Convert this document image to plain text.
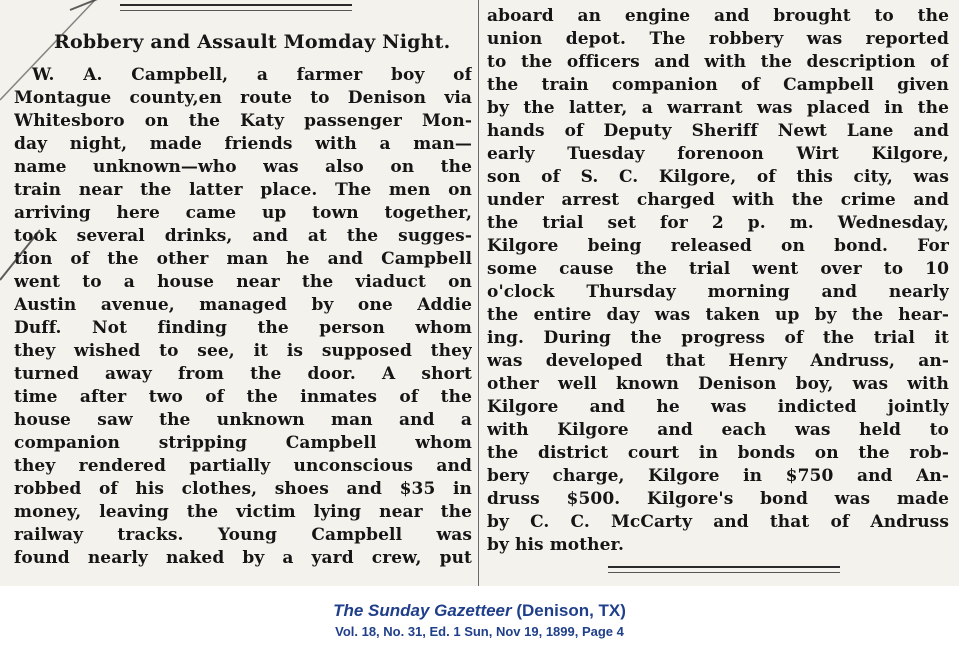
Robbery and Assault Momday Night.
W. A. Campbell, a farmer boy of
Montague county,en route to Denison via
Whitesboro on the Katy passenger Mon-
day night, made friends with a man—
name unknown—who was also on the
train near the latter place. The men on
arriving here came up town together,
took several drinks, and at the sugges-
tion of the other man he and Campbell
went to a house near the viaduct on
Austin avenue, managed by one Addie
Duff. Not finding the person whom
they wished to see, it is supposed they
turned away from the door. A short
time after two of the inmates of the
house saw the unknown man and a
companion stripping Campbell whom
they rendered partially unconscious and
robbed of his clothes, shoes and $35 in
money, leaving the victim lying near the
railway tracks. Young Campbell was
found nearly naked by a yard crew, put
aboard an engine and brought to the
union depot. The robbery was reported
to the officers and with the description of
the train companion of Campbell given
by the latter, a warrant was placed in the
hands of Deputy Sheriff Newt Lane and
early Tuesday forenoon Wirt Kilgore,
son of S. C. Kilgore, of this city, was
under arrest charged with the crime and
the trial set for 2 p. m. Wednesday,
Kilgore being released on bond. For
some cause the trial went over to 10
o'clock Thursday morning and nearly
the entire day was taken up by the hear-
ing. During the progress of the trial it
was developed that Henry Andruss, an-
other well known Denison boy, was with
Kilgore and he was indicted jointly
with Kilgore and each was held to
the district court in bonds on the rob-
bery charge, Kilgore in $750 and An-
druss $500. Kilgore's bond was made
by C. C. McCarty and that of Andruss
by his mother.
The Sunday Gazetteer (Denison, TX)
Vol. 18, No. 31, Ed. 1 Sun, Nov 19, 1899, Page 4
